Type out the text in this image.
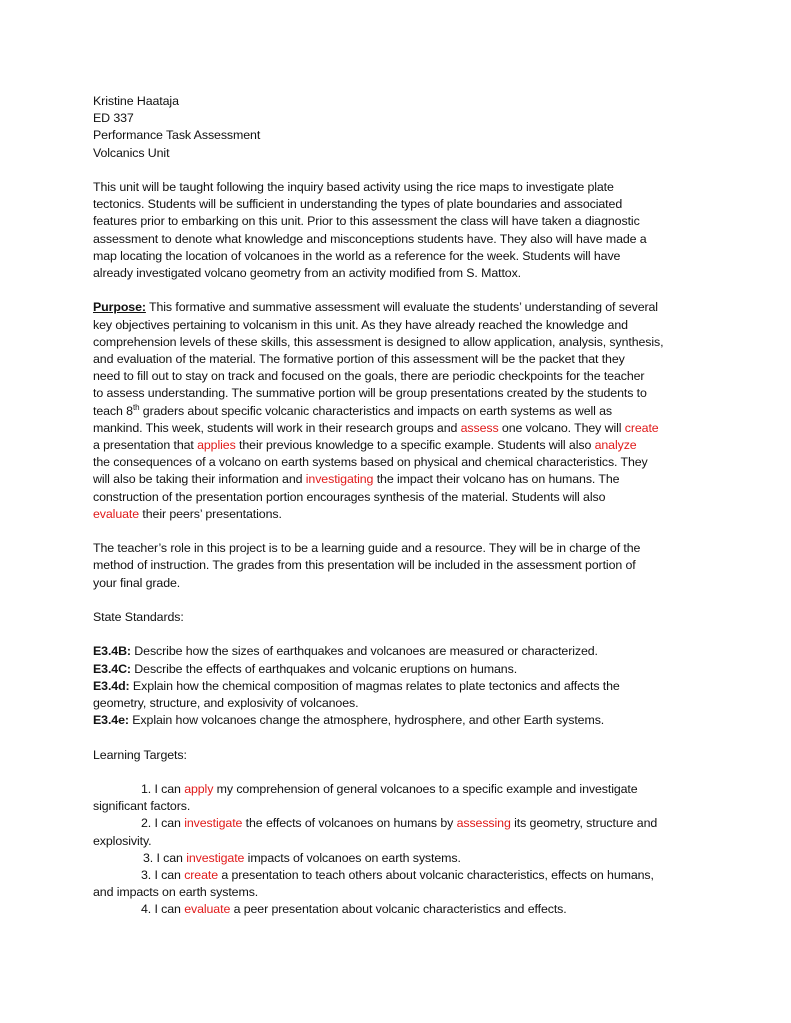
Kristine Haataja
ED 337
Performance Task Assessment
Volcanics Unit
This unit will be taught following the inquiry based activity using the rice maps to investigate plate
tectonics. Students will be sufficient in understanding the types of plate boundaries and associated
features prior to embarking on this unit. Prior to this assessment the class will have taken a diagnostic
assessment to denote what knowledge and misconceptions students have. They also will have made a
map locating the location of volcanoes in the world as a reference for the week. Students will have
already investigated volcano geometry from an activity modified from S. Mattox.
Purpose: This formative and summative assessment will evaluate the students’ understanding of several
key objectives pertaining to volcanism in this unit. As they have already reached the knowledge and
comprehension levels of these skills, this assessment is designed to allow application, analysis, synthesis,
and evaluation of the material. The formative portion of this assessment will be the packet that they
need to fill out to stay on track and focused on the goals, there are periodic checkpoints for the teacher
to assess understanding. The summative portion will be group presentations created by the students to
teach 8th graders about specific volcanic characteristics and impacts on earth systems as well as
mankind. This week, students will work in their research groups and assess one volcano. They will create
a presentation that applies their previous knowledge to a specific example. Students will also analyze
the consequences of a volcano on earth systems based on physical and chemical characteristics. They
will also be taking their information and investigating the impact their volcano has on humans. The
construction of the presentation portion encourages synthesis of the material. Students will also
evaluate their peers’ presentations.
The teacher’s role in this project is to be a learning guide and a resource. They will be in charge of the
method of instruction. The grades from this presentation will be included in the assessment portion of
your final grade.
State Standards:
E3.4B: Describe how the sizes of earthquakes and volcanoes are measured or characterized.
E3.4C: Describe the effects of earthquakes and volcanic eruptions on humans.
E3.4d: Explain how the chemical composition of magmas relates to plate tectonics and affects the
geometry, structure, and explosivity of volcanoes.
E3.4e: Explain how volcanoes change the atmosphere, hydrosphere, and other Earth systems.
Learning Targets:
1. I can apply my comprehension of general volcanoes to a specific example and investigate
significant factors.
2. I can investigate the effects of volcanoes on humans by assessing its geometry, structure and
explosivity.
3. I can investigate impacts of volcanoes on earth systems.
3. I can create a presentation to teach others about volcanic characteristics, effects on humans,
and impacts on earth systems.
4. I can evaluate a peer presentation about volcanic characteristics and effects.
